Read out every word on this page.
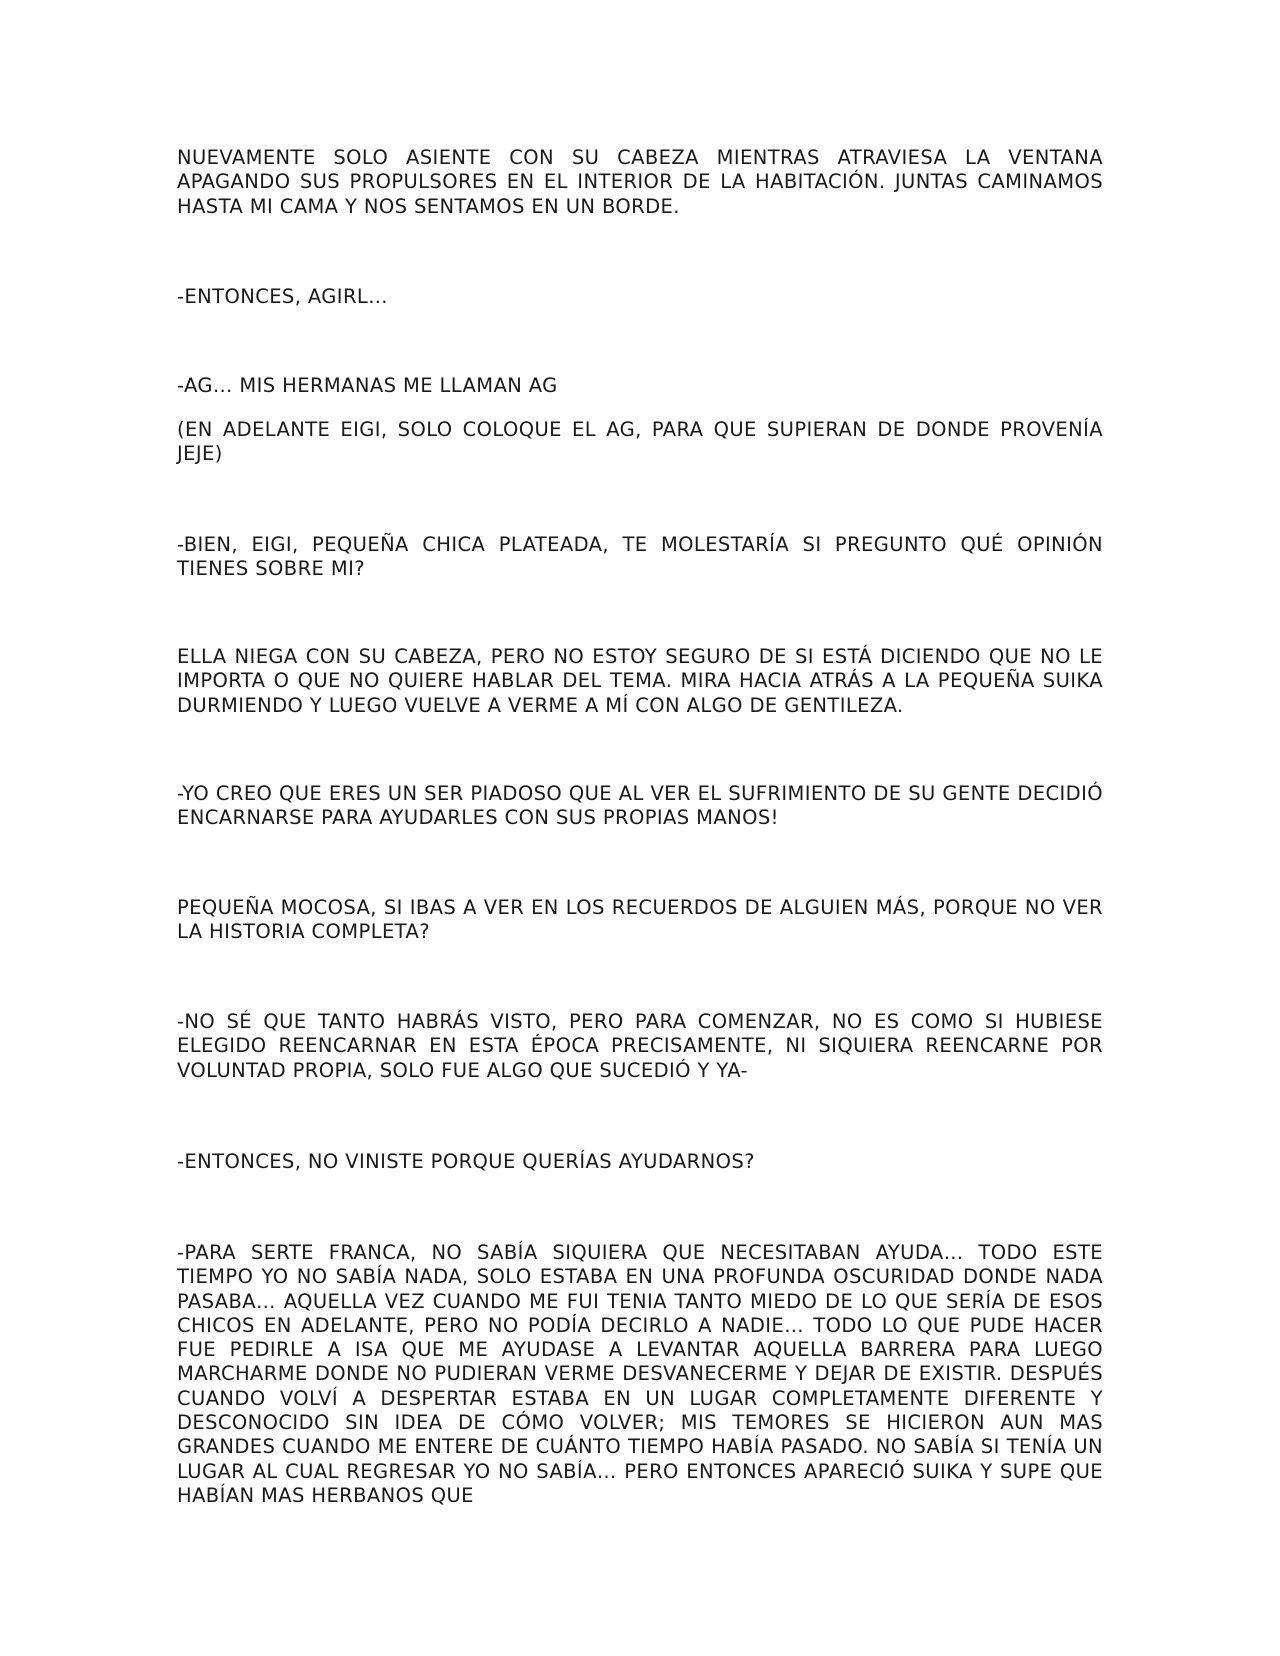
NUEVAMENTE SOLO ASIENTE CON SU CABEZA MIENTRAS ATRAVIESA LA VENTANA APAGANDO SUS PROPULSORES EN EL INTERIOR DE LA HABITACIÓN. JUNTAS CAMINAMOS HASTA MI CAMA Y NOS SENTAMOS EN UN BORDE.

-ENTONCES, AGIRL…

-AG… MIS HERMANAS ME LLAMAN AG

(EN ADELANTE EIGI, SOLO COLOQUE EL AG, PARA QUE SUPIERAN DE DONDE PROVENÍA JEJE)

-BIEN, EIGI, PEQUEÑA CHICA PLATEADA, TE MOLESTARÍA SI PREGUNTO QUÉ OPINIÓN TIENES SOBRE MI?

ELLA NIEGA CON SU CABEZA, PERO NO ESTOY SEGURO DE SI ESTÁ DICIENDO QUE NO LE IMPORTA O QUE NO QUIERE HABLAR DEL TEMA. MIRA HACIA ATRÁS A LA PEQUEÑA SUIKA DURMIENDO Y LUEGO VUELVE A VERME A MÍ CON ALGO DE GENTILEZA.

-YO CREO QUE ERES UN SER PIADOSO QUE AL VER EL SUFRIMIENTO DE SU GENTE DECIDIÓ ENCARNARSE PARA AYUDARLES CON SUS PROPIAS MANOS!

PEQUEÑA MOCOSA, SI IBAS A VER EN LOS RECUERDOS DE ALGUIEN MÁS, PORQUE NO VER LA HISTORIA COMPLETA?

-NO SÉ QUE TANTO HABRÁS VISTO, PERO PARA COMENZAR, NO ES COMO SI HUBIESE ELEGIDO REENCARNAR EN ESTA ÉPOCA PRECISAMENTE, NI SIQUIERA REENCARNE POR VOLUNTAD PROPIA, SOLO FUE ALGO QUE SUCEDIÓ Y YA-

-ENTONCES, NO VINISTE PORQUE QUERÍAS AYUDARNOS?

-PARA SERTE FRANCA, NO SABÍA SIQUIERA QUE NECESITABAN AYUDA… TODO ESTE TIEMPO YO NO SABÍA NADA, SOLO ESTABA EN UNA PROFUNDA OSCURIDAD DONDE NADA PASABA… AQUELLA VEZ CUANDO ME FUI TENIA TANTO MIEDO DE LO QUE SERÍA DE ESOS CHICOS EN ADELANTE, PERO NO PODÍA DECIRLO A NADIE… TODO LO QUE PUDE HACER FUE PEDIRLE A ISA QUE ME AYUDASE A LEVANTAR AQUELLA BARRERA PARA LUEGO MARCHARME DONDE NO PUDIERAN VERME DESVANECERME Y DEJAR DE EXISTIR. DESPUÉS CUANDO VOLVÍ A DESPERTAR ESTABA EN UN LUGAR COMPLETAMENTE DIFERENTE Y DESCONOCIDO SIN IDEA DE CÓMO VOLVER; MIS TEMORES SE HICIERON AUN MAS GRANDES CUANDO ME ENTERE DE CUÁNTO TIEMPO HABÍA PASADO. NO SABÍA SI TENÍA UN LUGAR AL CUAL REGRESAR YO NO SABÍA… PERO ENTONCES APARECIÓ SUIKA Y SUPE QUE HABÍAN MAS HERBANOS QUE
